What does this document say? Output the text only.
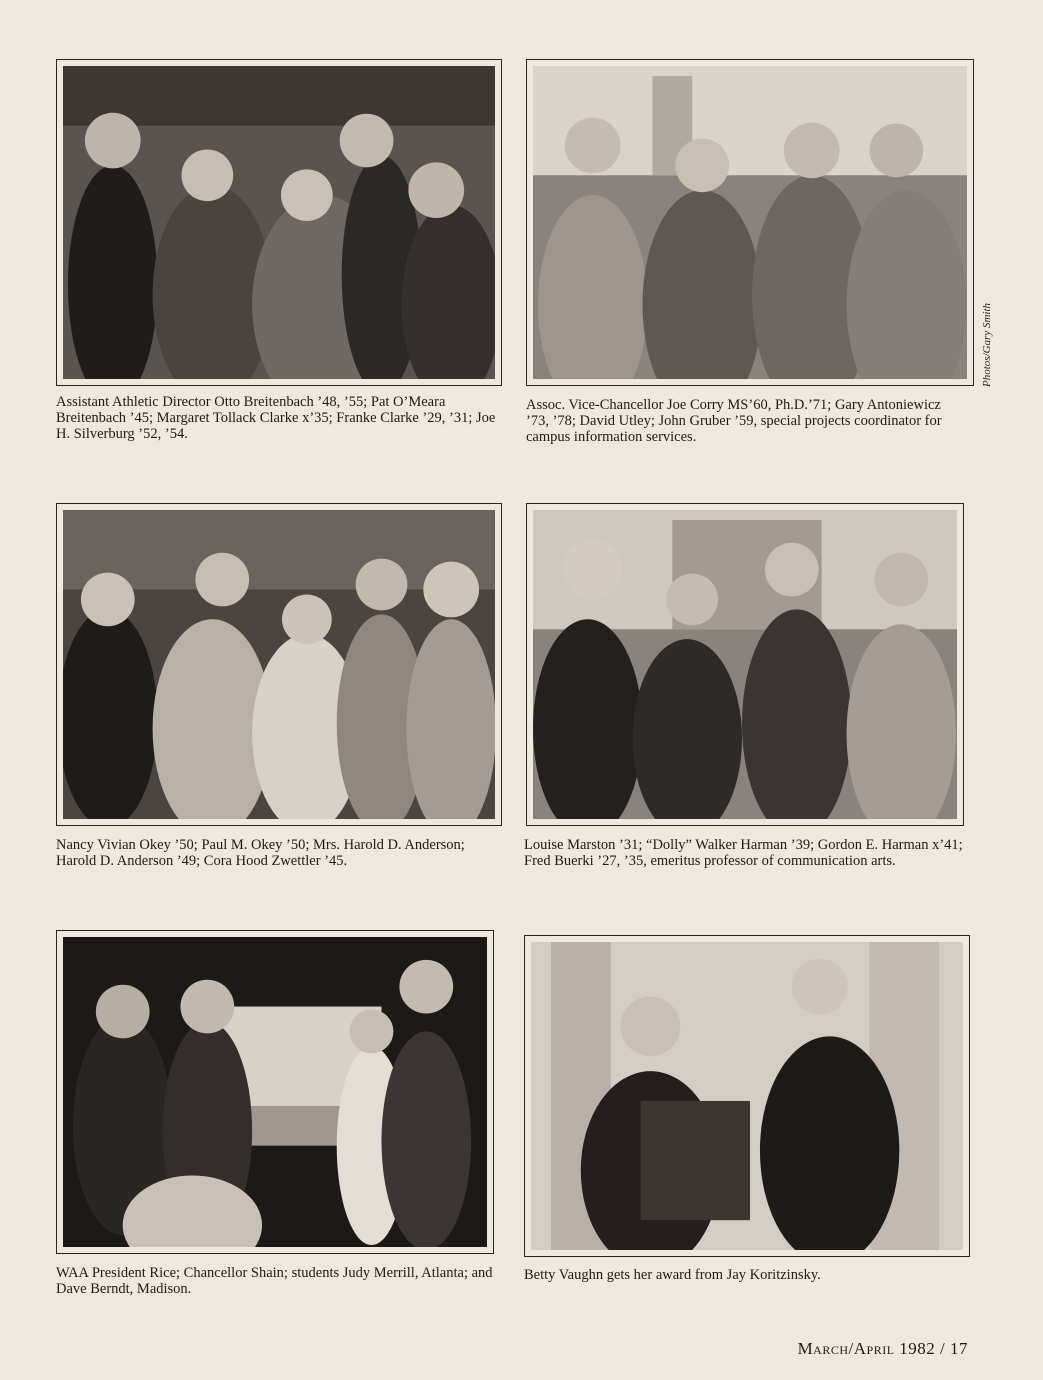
Assistant Athletic Director Otto Breitenbach ’48, ’55; Pat O’Meara Breitenbach ’45; Margaret Tollack Clarke x’35; Franke Clarke ’29, ’31; Joe H. Silverburg ’52, ’54.

Assoc. Vice-Chancellor Joe Corry MS’60, Ph.D.’71; Gary Antoniewicz ’73, ’78; David Utley; John Gruber ’59, special projects coordinator for campus information services.

Photos/Gary Smith

Nancy Vivian Okey ’50; Paul M. Okey ’50; Mrs. Harold D. Anderson; Harold D. Anderson ’49; Cora Hood Zwettler ’45.

Louise Marston ’31; “Dolly” Walker Harman ’39; Gordon E. Harman x’41; Fred Buerki ’27, ’35, emeritus professor of communication arts.

WAA President Rice; Chancellor Shain; students Judy Merrill, Atlanta; and Dave Berndt, Madison.

Betty Vaughn gets her award from Jay Koritzinsky.

March/April 1982 / 17
